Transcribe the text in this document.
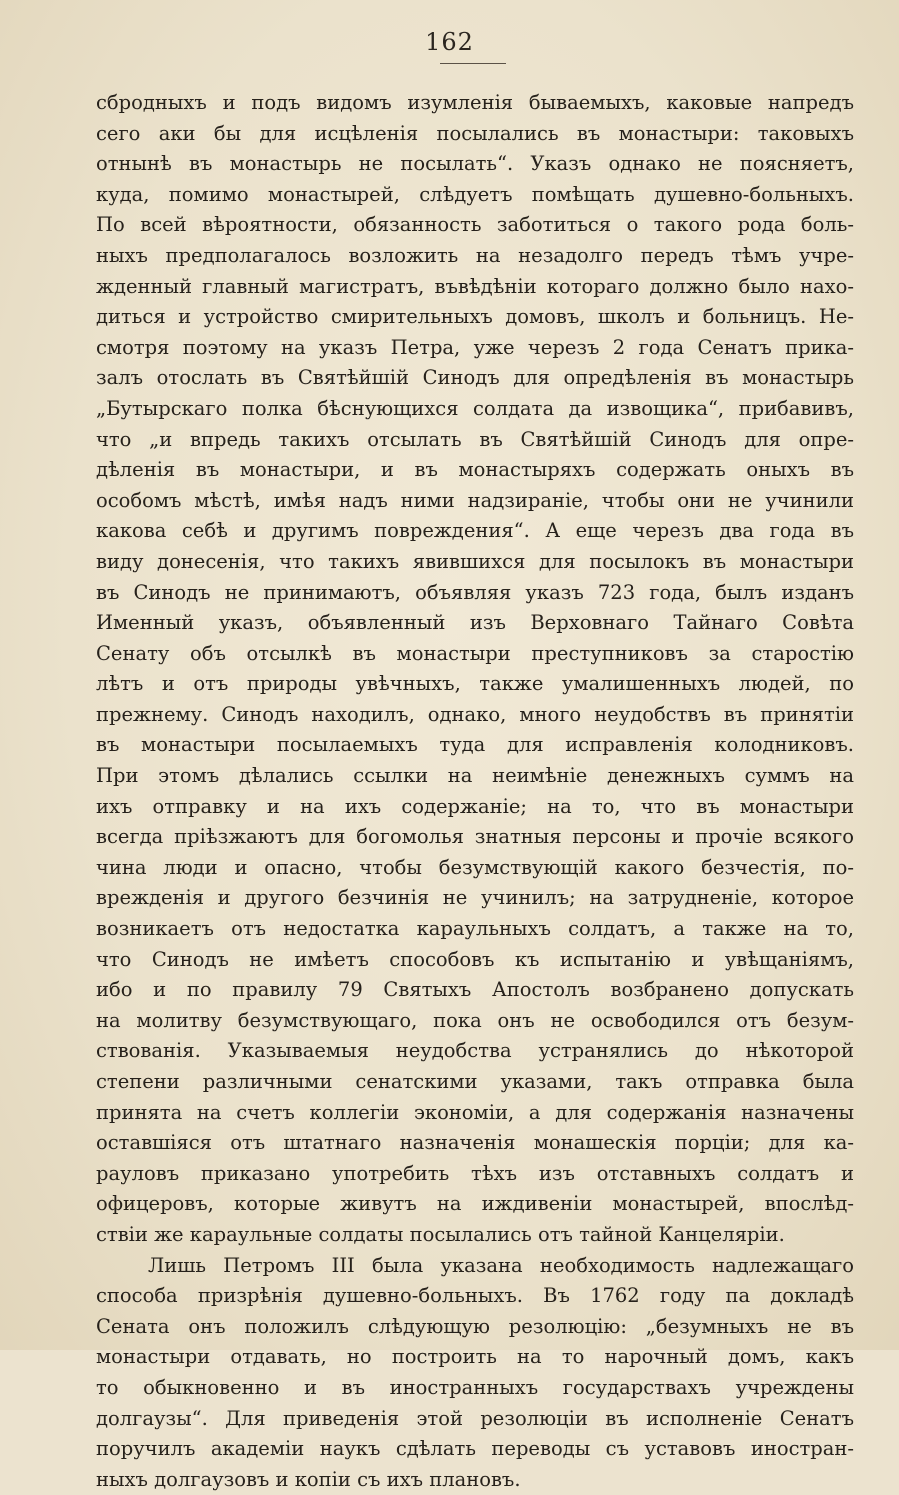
162
сбродныхъ и подъ видомъ изумленія бываемыхъ, каковые напредъ
сего аки бы для исцѣленія посылались въ монастыри: таковыхъ
отнынѣ въ монастырь не посылать“. Указъ однако не поясняетъ,
куда, помимо монастырей, слѣдуетъ помѣщать душевно-больныхъ.
По всей вѣроятности, обязанность заботиться о такого рода боль-
ныхъ предполагалось возложить на незадолго передъ тѣмъ учре-
жденный главный магистратъ, въвѣдѣніи котораго должно было нахо-
диться и устройство смирительныхъ домовъ, школъ и больницъ. Не-
смотря поэтому на указъ Петра, уже черезъ 2 года Сенатъ прика-
залъ отослать въ Святѣйшій Синодъ для опредѣленія въ монастырь
„Бутырскаго полка бѣснующихся солдата да извощика“, прибавивъ,
что „и впредь такихъ отсылать въ Святѣйшій Синодъ для опре-
дѣленія въ монастыри, и въ монастыряхъ содержать оныхъ въ
особомъ мѣстѣ, имѣя надъ ними надзираніе, чтобы они не учинили
какова себѣ и другимъ повреждения“. А еще черезъ два года въ
виду донесенія, что такихъ явившихся для посылокъ въ монастыри
въ Синодъ не принимаютъ, объявляя указъ 723 года, былъ изданъ
Именный указъ, объявленный изъ Верховнаго Тайнаго Совѣта
Сенату объ отсылкѣ въ монастыри преступниковъ за старостію
лѣтъ и отъ природы увѣчныхъ, также умалишенныхъ людей, по
прежнему. Синодъ находилъ, однако, много неудобствъ въ принятіи
въ монастыри посылаемыхъ туда для исправленія колодниковъ.
При этомъ дѣлались ссылки на неимѣніе денежныхъ суммъ на
ихъ отправку и на ихъ содержаніе; на то, что въ монастыри
всегда пріѣзжаютъ для богомолья знатныя персоны и прочіе всякого
чина люди и опасно, чтобы безумствующій какого безчестія, по-
врежденія и другого безчинія не учинилъ; на затрудненіе, которое
возникаетъ отъ недостатка караульныхъ солдатъ, а также на то,
что Синодъ не имѣетъ способовъ къ испытанію и увѣщаніямъ,
ибо и по правилу 79 Святыхъ Апостолъ возбранено допускать
на молитву безумствующаго, пока онъ не освободился отъ безум-
ствованія. Указываемыя неудобства устранялись до нѣкоторой
степени различными сенатскими указами, такъ отправка была
принята на счетъ коллегіи экономіи, а для содержанія назначены
оставшіяся отъ штатнаго назначенія монашескія порціи; для ка-
рауловъ приказано употребить тѣхъ изъ отставныхъ солдатъ и
офицеровъ, которые живутъ на иждивеніи монастырей, впослѣд-
ствіи же караульные солдаты посылались отъ тайной Канцеляріи.
Лишь Петромъ III была указана необходимость надлежащаго
способа призрѣнія душевно-больныхъ. Въ 1762 году па докладѣ
Сената онъ положилъ слѣдующую резолюцію: „безумныхъ не въ
монастыри отдавать, но построить на то нарочный домъ, какъ
то обыкновенно и въ иностранныхъ государствахъ учреждены
долгаузы“. Для приведенія этой резолюціи въ исполненіе Сенатъ
поручилъ академіи наукъ сдѣлать переводы съ уставовъ иностран-
ныхъ долгаузовъ и копіи съ ихъ плановъ.
